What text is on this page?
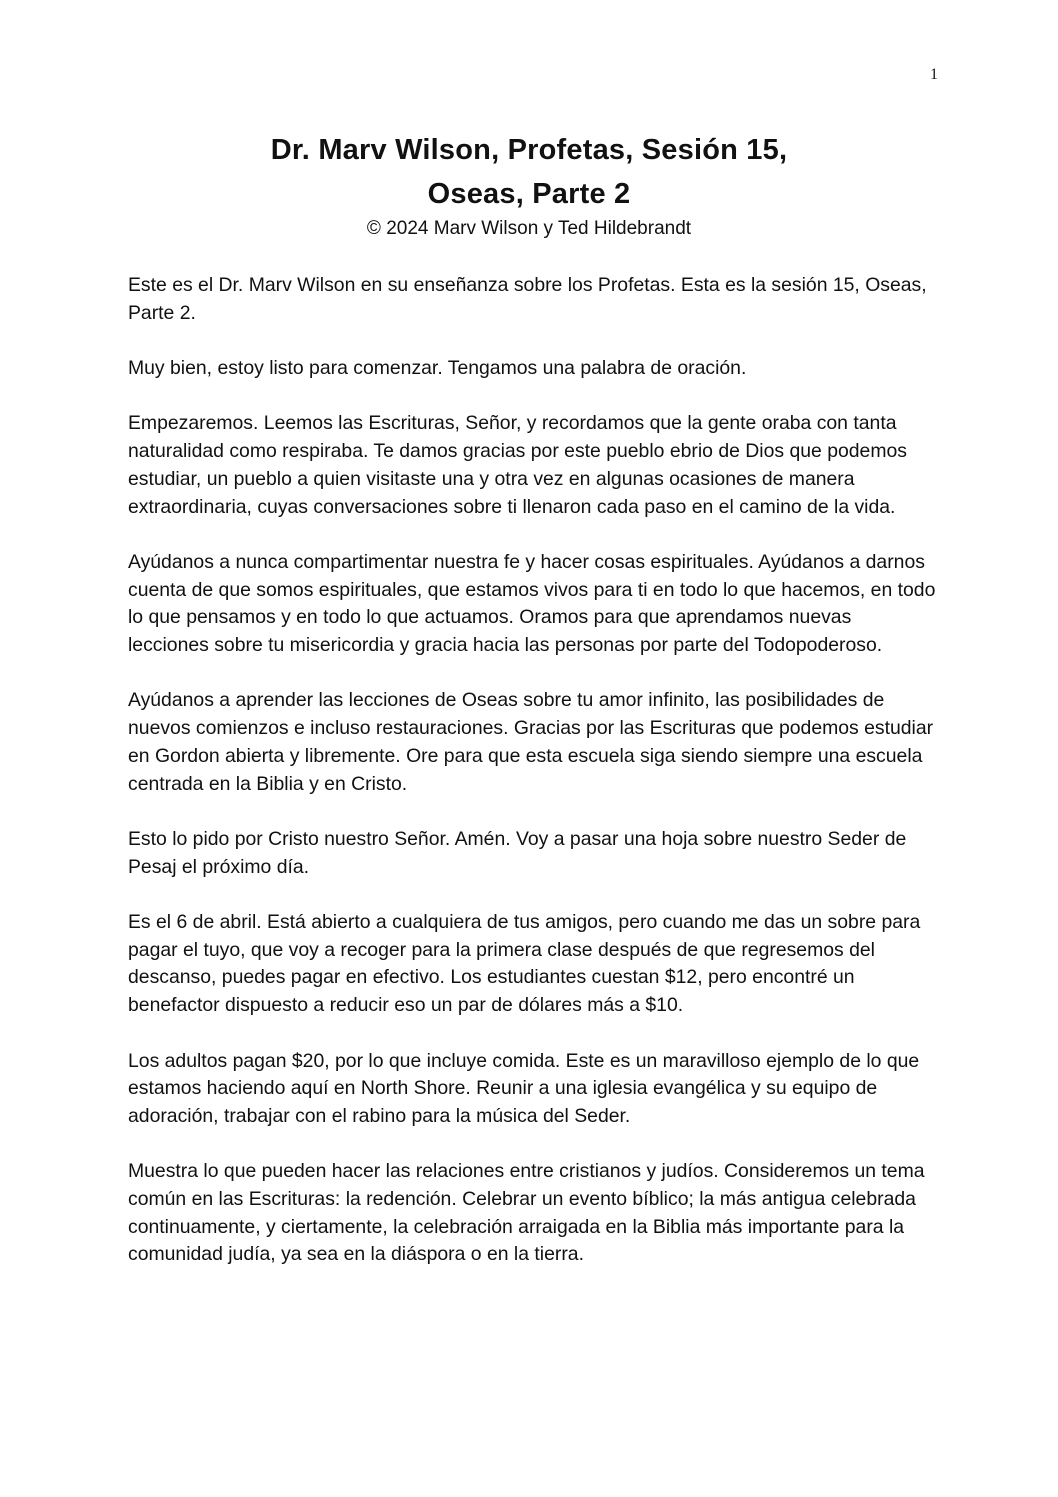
1
Dr. Marv Wilson, Profetas, Sesión 15,
Oseas, Parte 2
© 2024 Marv Wilson y Ted Hildebrandt

Este es el Dr. Marv Wilson en su enseñanza sobre los Profetas. Esta es la sesión 15, Oseas, Parte 2.

Muy bien, estoy listo para comenzar. Tengamos una palabra de oración.

Empezaremos. Leemos las Escrituras, Señor, y recordamos que la gente oraba con tanta naturalidad como respiraba. Te damos gracias por este pueblo ebrio de Dios que podemos estudiar, un pueblo a quien visitaste una y otra vez en algunas ocasiones de manera extraordinaria, cuyas conversaciones sobre ti llenaron cada paso en el camino de la vida.

Ayúdanos a nunca compartimentar nuestra fe y hacer cosas espirituales. Ayúdanos a darnos cuenta de que somos espirituales, que estamos vivos para ti en todo lo que hacemos, en todo lo que pensamos y en todo lo que actuamos. Oramos para que aprendamos nuevas lecciones sobre tu misericordia y gracia hacia las personas por parte del Todopoderoso.

Ayúdanos a aprender las lecciones de Oseas sobre tu amor infinito, las posibilidades de nuevos comienzos e incluso restauraciones. Gracias por las Escrituras que podemos estudiar en Gordon abierta y libremente. Ore para que esta escuela siga siendo siempre una escuela centrada en la Biblia y en Cristo.

Esto lo pido por Cristo nuestro Señor. Amén. Voy a pasar una hoja sobre nuestro Seder de Pesaj el próximo día.

Es el 6 de abril. Está abierto a cualquiera de tus amigos, pero cuando me das un sobre para pagar el tuyo, que voy a recoger para la primera clase después de que regresemos del descanso, puedes pagar en efectivo. Los estudiantes cuestan $12, pero encontré un benefactor dispuesto a reducir eso un par de dólares más a $10.

Los adultos pagan $20, por lo que incluye comida. Este es un maravilloso ejemplo de lo que estamos haciendo aquí en North Shore. Reunir a una iglesia evangélica y su equipo de adoración, trabajar con el rabino para la música del Seder.

Muestra lo que pueden hacer las relaciones entre cristianos y judíos. Consideremos un tema común en las Escrituras: la redención. Celebrar un evento bíblico; la más antigua celebrada continuamente, y ciertamente, la celebración arraigada en la Biblia más importante para la comunidad judía, ya sea en la diáspora o en la tierra.
